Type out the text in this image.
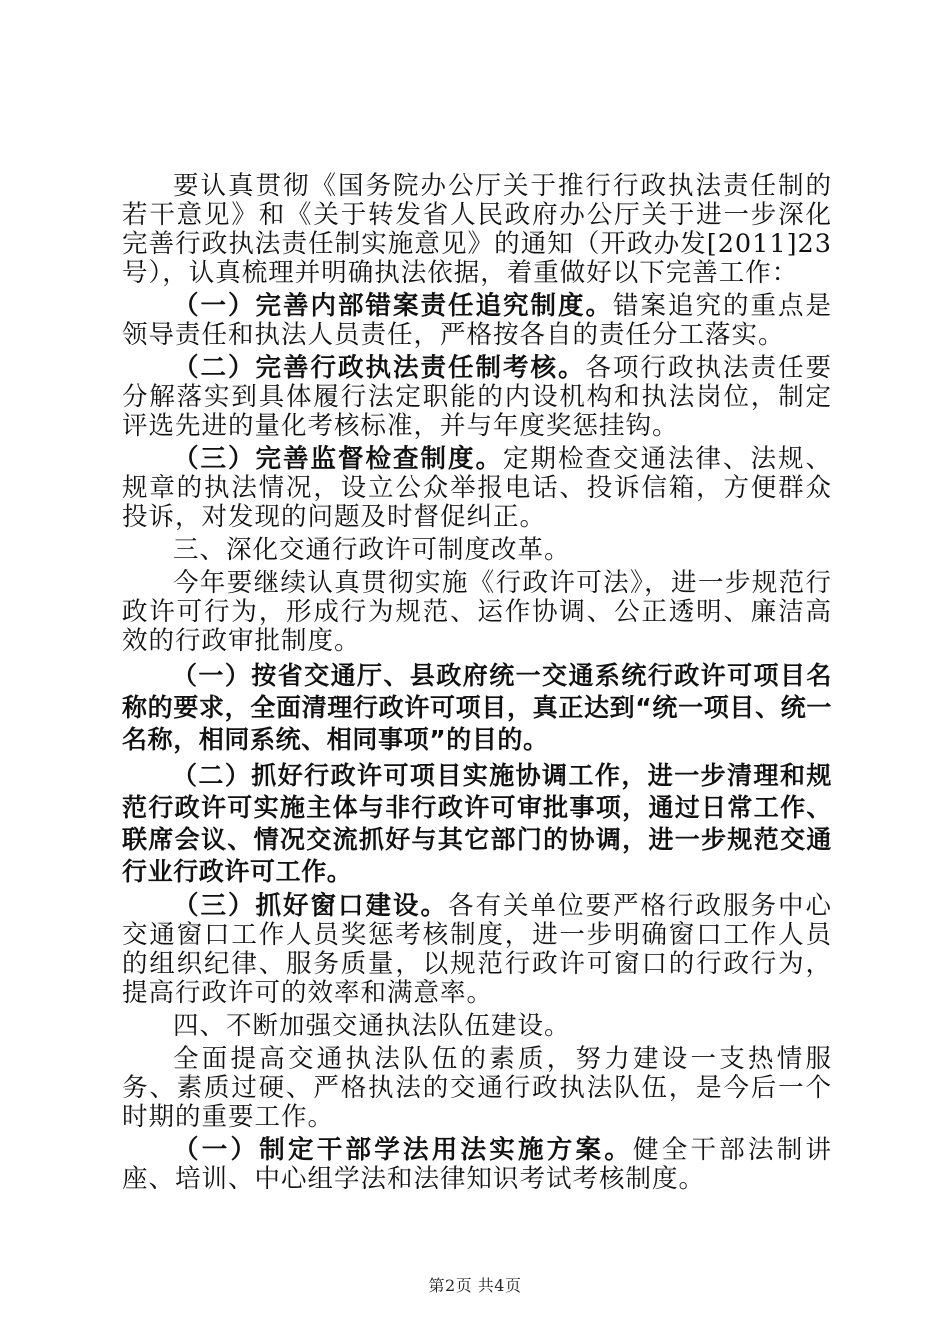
要认真贯彻《国务院办公厅关于推行行政执法责任制的若干意见》和《关于转发省人民政府办公厅关于进一步深化完善行政执法责任制实施意见》的通知（开政办发[2011]23号），认真梳理并明确执法依据，着重做好以下完善工作：

（一）完善内部错案责任追究制度。错案追究的重点是领导责任和执法人员责任，严格按各自的责任分工落实。

（二）完善行政执法责任制考核。各项行政执法责任要分解落实到具体履行法定职能的内设机构和执法岗位，制定评选先进的量化考核标准，并与年度奖惩挂钩。

（三）完善监督检查制度。定期检查交通法律、法规、规章的执法情况，设立公众举报电话、投诉信箱，方便群众投诉，对发现的问题及时督促纠正。

三、深化交通行政许可制度改革。

今年要继续认真贯彻实施《行政许可法》，进一步规范行政许可行为，形成行为规范、运作协调、公正透明、廉洁高效的行政审批制度。

（一）按省交通厅、县政府统一交通系统行政许可项目名称的要求，全面清理行政许可项目，真正达到“统一项目、统一名称，相同系统、相同事项”的目的。

（二）抓好行政许可项目实施协调工作，进一步清理和规范行政许可实施主体与非行政许可审批事项，通过日常工作、联席会议、情况交流抓好与其它部门的协调，进一步规范交通行业行政许可工作。

（三）抓好窗口建设。各有关单位要严格行政服务中心交通窗口工作人员奖惩考核制度，进一步明确窗口工作人员的组织纪律、服务质量，以规范行政许可窗口的行政行为，提高行政许可的效率和满意率。

四、不断加强交通执法队伍建设。

全面提高交通执法队伍的素质，努力建设一支热情服务、素质过硬、严格执法的交通行政执法队伍，是今后一个时期的重要工作。

（一）制定干部学法用法实施方案。健全干部法制讲座、培训、中心组学法和法律知识考试考核制度。

第2页 共4页
